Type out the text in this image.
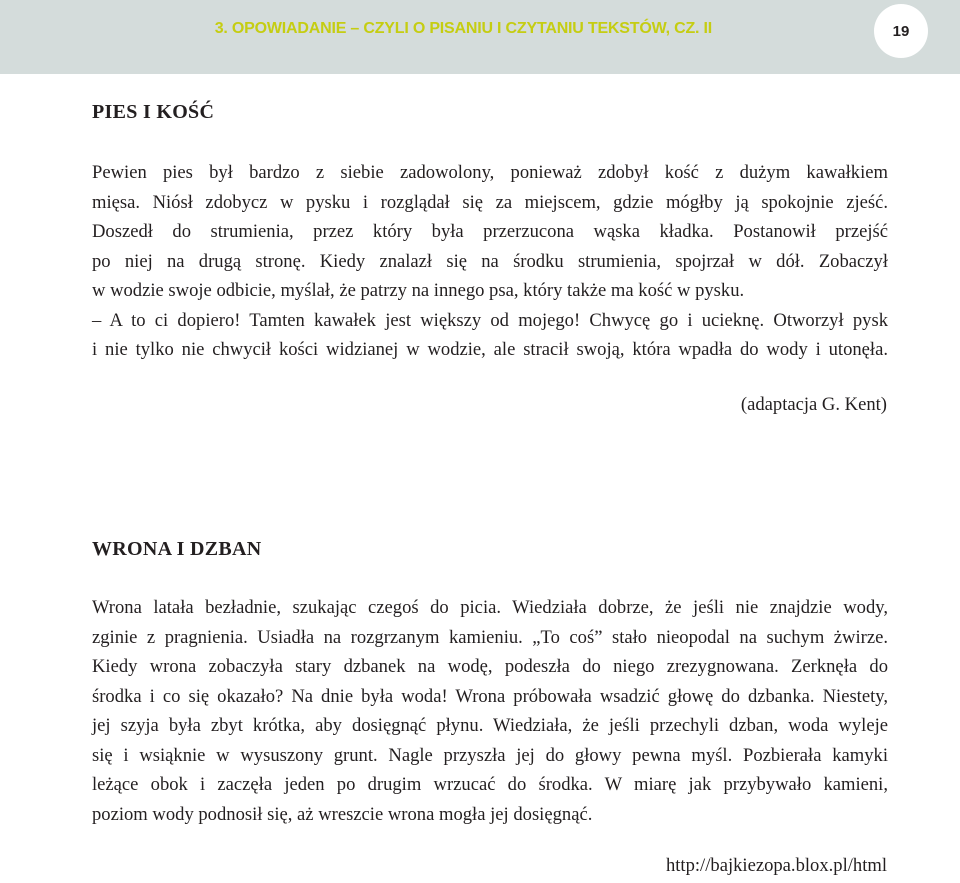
3. OPOWIADANIE – CZYLI O PISANIU I CZYTANIU TEKSTÓW, CZ. II	19
PIES I KOŚĆ
Pewien pies był bardzo z siebie zadowolony, ponieważ zdobył kość z dużym kawałkiem
mięsa. Niósł zdobycz w pysku i rozglądał się za miejscem, gdzie mógłby ją spokojnie zjeść.
Doszedł do strumienia, przez który była przerzucona wąska kładka. Postanowił przejść
po niej na drugą stronę. Kiedy znalazł się na środku strumienia, spojrzał w dół. Zobaczył
w wodzie swoje odbicie, myślał, że patrzy na innego psa, który także ma kość w pysku.
– A to ci dopiero! Tamten kawałek jest większy od mojego! Chwycę go i ucieknę. Otworzył pysk
i nie tylko nie chwycił kości widzianej w wodzie, ale stracił swoją, która wpadła do wody i utonęła.
(adaptacja G. Kent)
WRONA I DZBAN
Wrona latała bezładnie, szukając czegoś do picia. Wiedziała dobrze, że jeśli nie znajdzie wody,
zginie z pragnienia. Usiadła na rozgrzanym kamieniu. „To coś” stało nieopodal na suchym żwirze.
Kiedy wrona zobaczyła stary dzbanek na wodę, podeszła do niego zrezygnowana. Zerknęła do
środka i co się okazało? Na dnie była woda! Wrona próbowała wsadzić głowę do dzbanka. Niestety,
jej szyja była zbyt krótka, aby dosięgnąć płynu. Wiedziała, że jeśli przechyli dzban, woda wyleje
się i wsiąknie w wysuszony grunt. Nagle przyszła jej do głowy pewna myśl. Pozbierała kamyki
leżące obok i zaczęła jeden po drugim wrzucać do środka. W miarę jak przybywało kamieni,
poziom wody podnosił się, aż wreszcie wrona mogła jej dosięgnąć.
http://bajkiezopa.blox.pl/html
